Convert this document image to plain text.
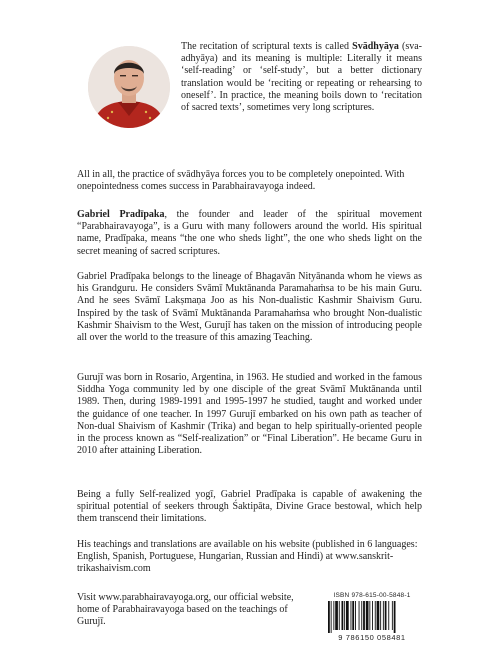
The recitation of scriptural texts is called Svādhyāya (sva-adhyāya) and its meaning is multiple: Literally it means ‘self-reading’ or ‘self-study’, but a better dictionary translation would be ‘reciting or repeating or rehearsing to oneself’. In practice, the meaning boils down to ‘recitation of sacred texts’, sometimes very long scriptures.

All in all, the practice of svādhyāya forces you to be completely onepointed. With onepointedness comes success in Parabhairavayoga indeed.

Gabriel Pradīpaka, the founder and leader of the spiritual movement “Parabhairavayoga”, is a Guru with many followers around the world. His spiritual name, Pradīpaka, means “the one who sheds light”, the one who sheds light on the secret meaning of sacred scriptures.

Gabriel Pradīpaka belongs to the lineage of Bhagavān Nityānanda whom he views as his Grandguru. He considers Svāmī Muktānanda Paramahaṁsa to be his main Guru. And he sees Svāmī Lakṣmaṇa Joo as his Non-dualistic Kashmir Shaivism Guru. Inspired by the task of Svāmī Muktānanda Paramahaṁsa who brought Non-dualistic Kashmir Shaivism to the West, Gurujī has taken on the mission of introducing people all over the world to the treasure of this amazing Teaching.

Gurujī was born in Rosario, Argentina, in 1963. He studied and worked in the famous Siddha Yoga community led by one disciple of the great Svāmī Muktānanda until 1989. Then, during 1989-1991 and 1995-1997 he studied, taught and worked under the guidance of one teacher. In 1997 Gurujī embarked on his own path as teacher of Non-dual Shaivism of Kashmir (Trika) and began to help spiritually-oriented people in the process known as “Self-realization” or “Final Liberation”. He became Guru in 2010 after attaining Liberation.

Being a fully Self-realized yogī, Gabriel Pradīpaka is capable of awakening the spiritual potential of seekers through Śaktipāta, Divine Grace bestowal, which help them transcend their limitations.

His teachings and translations are available on his website (published in 6 languages: English, Spanish, Portuguese, Hungarian, Russian and Hindi) at www.sanskrit-trikashaivism.com

Visit www.parabhairavayoga.org, our official website, home of Parabhairavayoga based on the teachings of Gurujī.

ISBN 978-615-00-5848-1
9 786150 058481
